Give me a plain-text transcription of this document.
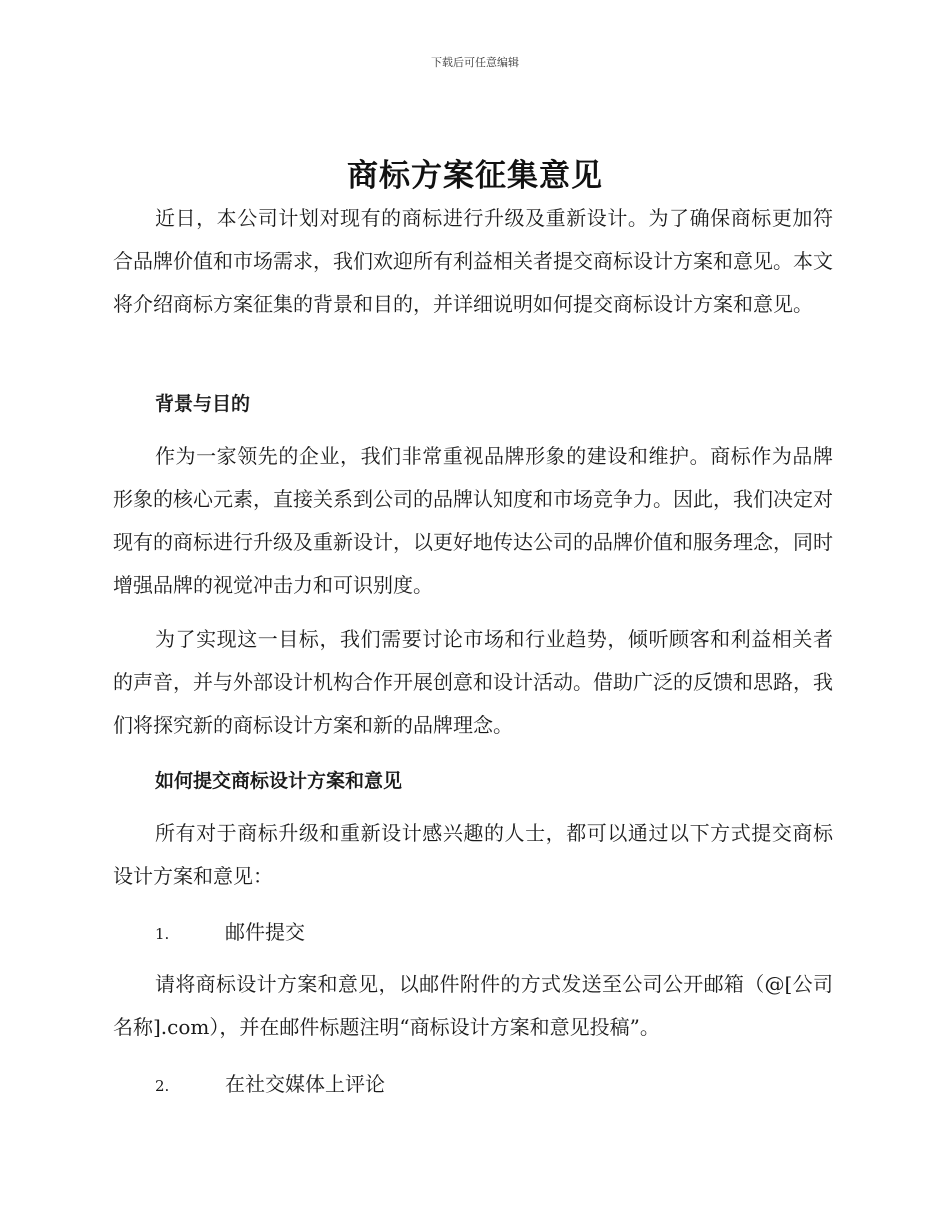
下载后可任意编辑
商标方案征集意见

近日，本公司计划对现有的商标进行升级及重新设计。为了确保商标更加符合品牌价值和市场需求，我们欢迎所有利益相关者提交商标设计方案和意见。本文将介绍商标方案征集的背景和目的，并详细说明如何提交商标设计方案和意见。

背景与目的

作为一家领先的企业，我们非常重视品牌形象的建设和维护。商标作为品牌形象的核心元素，直接关系到公司的品牌认知度和市场竞争力。因此，我们决定对现有的商标进行升级及重新设计，以更好地传达公司的品牌价值和服务理念，同时增强品牌的视觉冲击力和可识别度。

为了实现这一目标，我们需要讨论市场和行业趋势，倾听顾客和利益相关者的声音，并与外部设计机构合作开展创意和设计活动。借助广泛的反馈和思路，我们将探究新的商标设计方案和新的品牌理念。

如何提交商标设计方案和意见

所有对于商标升级和重新设计感兴趣的人士，都可以通过以下方式提交商标设计方案和意见：

1.	邮件提交

请将商标设计方案和意见，以邮件附件的方式发送至公司公开邮箱（@[公司名称].com），并在邮件标题注明“商标设计方案和意见投稿”。

2.	在社交媒体上评论
